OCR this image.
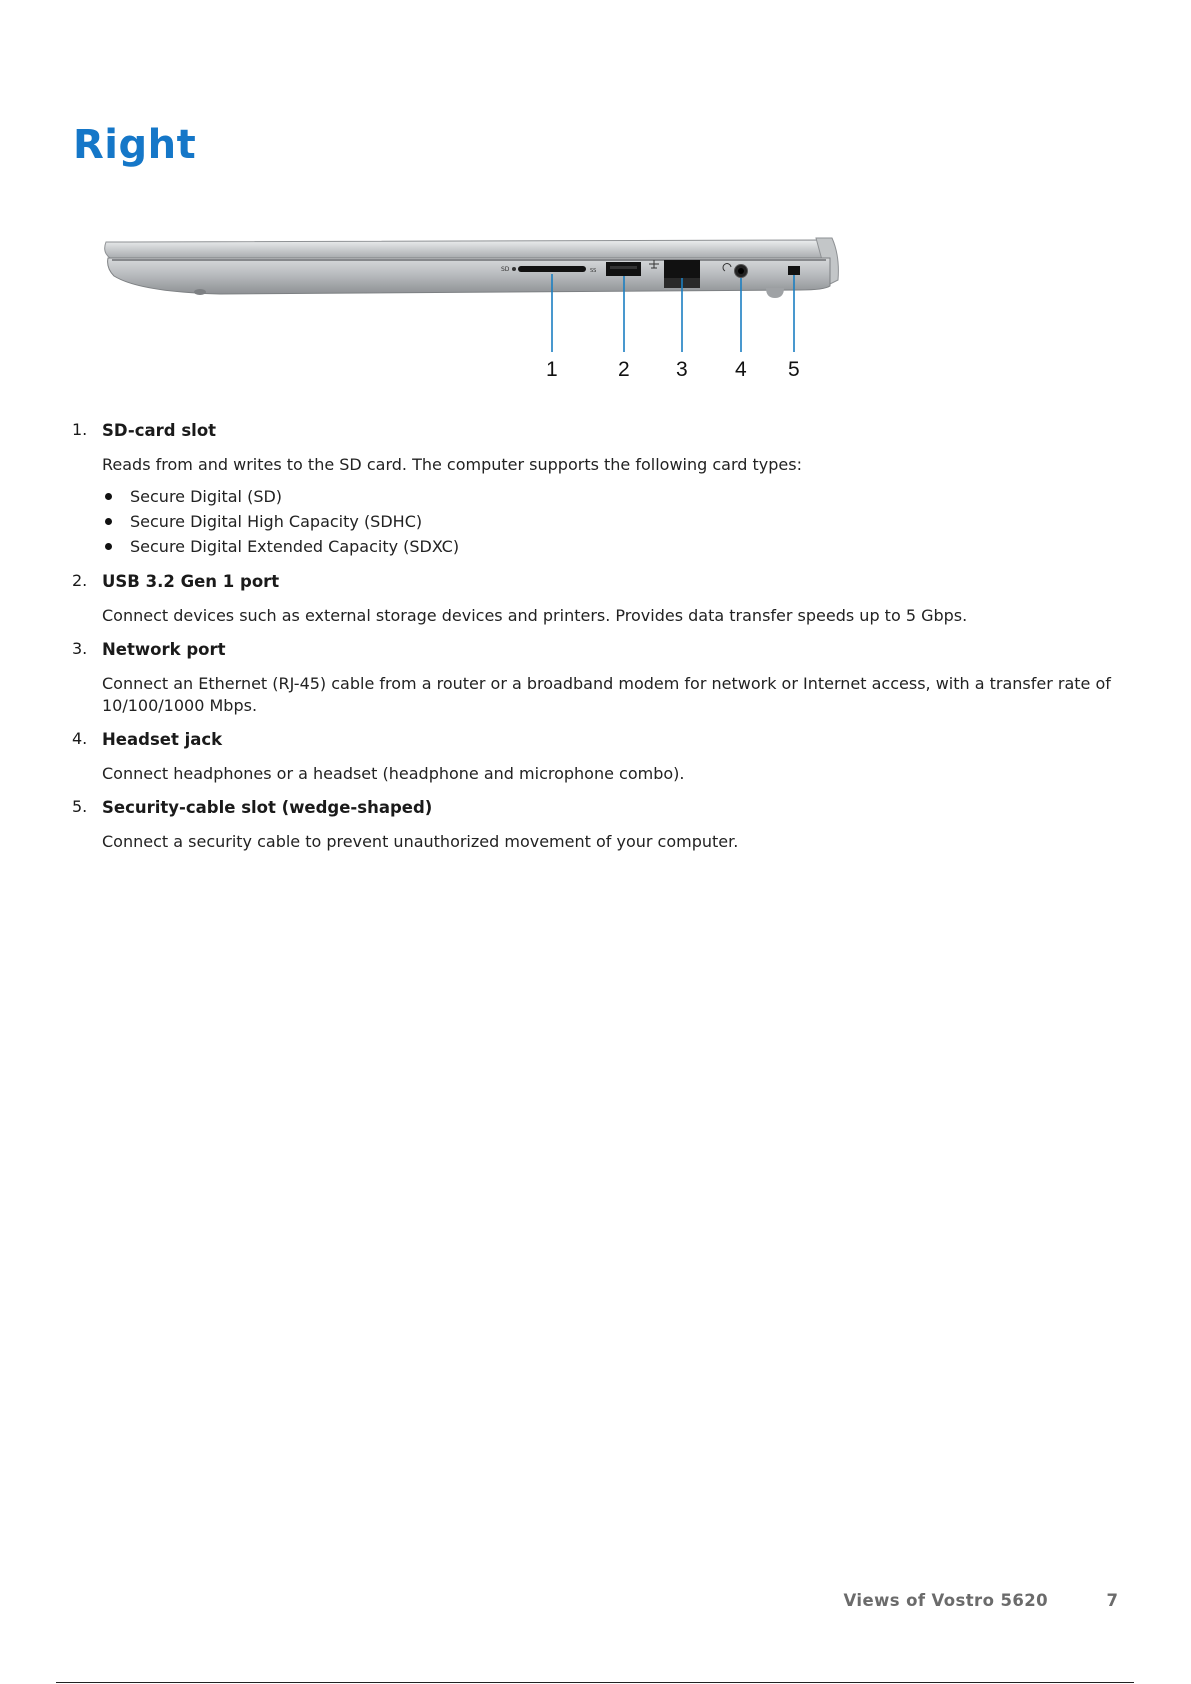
Right
SD	SS
1	2 3 4 5
1. SD-card slot

Reads from and writes to the SD card. The computer supports the following card types:

Secure Digital (SD)
Secure Digital High Capacity (SDHC)
Secure Digital Extended Capacity (SDXC)
2. USB 3.2 Gen 1 port

Connect devices such as external storage devices and printers. Provides data transfer speeds up to 5 Gbps.

3. Network port

Connect an Ethernet (RJ-45) cable from a router or a broadband modem for network or Internet access, with a transfer rate of 10/100/1000 Mbps.

4. Headset jack

Connect headphones or a headset (headphone and microphone combo).

5. Security-cable slot (wedge-shaped)

Connect a security cable to prevent unauthorized movement of your computer.

Views of Vostro 5620	7
